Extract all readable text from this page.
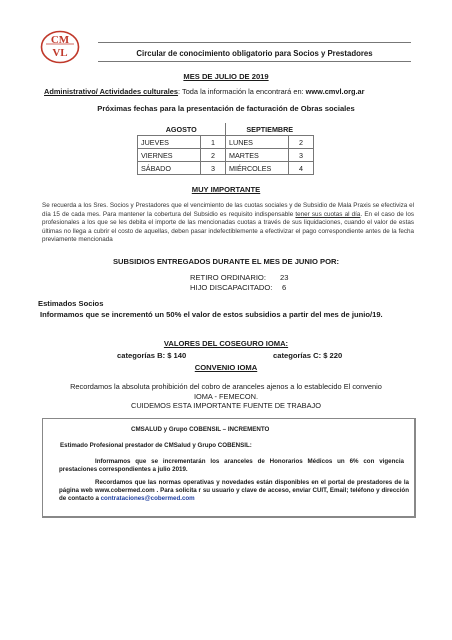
CM
VL	Circular de conocimiento obligatorio para Socios y Prestadores
MES DE JULIO DE 2019
Administrativo/ Actividades culturales: Toda la información la encontrará en: www.cmvl.org.ar
Próximas fechas para la presentación de facturación de Obras sociales
AGOSTO		SEPTIEMBRE	
JUEVES	1	LUNES	2
VIERNES	2	MARTES	3
SÁBADO	3	MIÉRCOLES	4
MUY IMPORTANTE
Se recuerda a los Sres. Socios y Prestadores que el vencimiento de las cuotas sociales y de Subsidio de Mala Praxis se efectiviza el día 15 de cada mes. Para mantener la cobertura del Subsidio es requisito indispensable tener sus cuotas al día. En el caso de los profesionales a los que se les debita el importe de las mencionadas cuotas a través de sus liquidaciones, cuando el valor de estas últimas no llega a cubrir el costo de aquellas, deben pasar indefectiblemente a efectivizar el pago correspondiente antes de la fecha previamente mencionada
SUBSIDIOS ENTREGADOS DURANTE EL MES DE JUNIO POR:
RETIRO ORDINARIO: 23
HIJO DISCAPACITADO: 6
Estimados Socios
Informamos que se incrementó un 50% el valor de estos subsidios a partir del mes de junio/19.
VALORES DEL COSEGURO IOMA:
categorías B: $ 140	categorías C: $ 220
CONVENIO IOMA
Recordamos la absoluta prohibición del cobro de aranceles ajenos a lo establecido El convenio
IOMA - FEMECON.
CUIDEMOS ESTA IMPORTANTE FUENTE DE TRABAJO
CMSALUD y Grupo COBENSIL – INCREMENTO
Estimado Profesional prestador de CMSalud y Grupo COBENSIL:
Informamos que se incrementarán los aranceles de Honorarios Médicos un 6% con vigencia prestaciones correspondientes a julio 2019.
Recordamos que las normas operativas y novedades están disponibles en el portal de prestadores de la página web www.cobermed.com . Para solicita r su usuario y clave de acceso, enviar CUIT, Email; teléfono y dirección de contacto a contrataciones@cobermed.com
